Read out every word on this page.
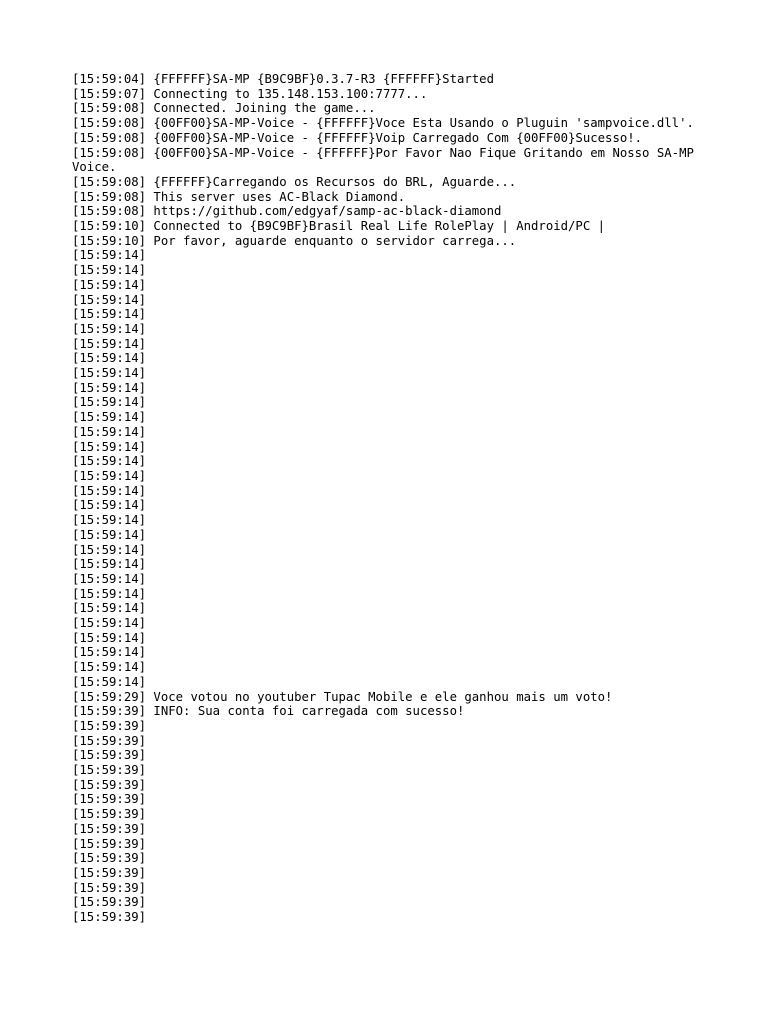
[15:59:04] {FFFFFF}SA-MP {B9C9BF}0.3.7-R3 {FFFFFF}Started

[15:59:07] Connecting to 135.148.153.100:7777...

[15:59:08] Connected. Joining the game...

[15:59:08] {00FF00}SA-MP-Voice - {FFFFFF}Voce Esta Usando o Pluguin 'sampvoice.dll'.

[15:59:08] {00FF00}SA-MP-Voice - {FFFFFF}Voip Carregado Com {00FF00}Sucesso!.

[15:59:08] {00FF00}SA-MP-Voice - {FFFFFF}Por Favor Nao Fique Gritando em Nosso SA-MP Voice.

[15:59:08] {FFFFFF}Carregando os Recursos do BRL, Aguarde...

[15:59:08] This server uses AC-Black Diamond.

[15:59:08] https://github.com/edgyaf/samp-ac-black-diamond

[15:59:10] Connected to {B9C9BF}Brasil Real Life RolePlay | Android/PC |

[15:59:10] Por favor, aguarde enquanto o servidor carrega...

[15:59:14]

[15:59:14]

[15:59:14]

[15:59:14]

[15:59:14]

[15:59:14]

[15:59:14]

[15:59:14]

[15:59:14]

[15:59:14]

[15:59:14]

[15:59:14]

[15:59:14]

[15:59:14]

[15:59:14]

[15:59:14]

[15:59:14]

[15:59:14]

[15:59:14]

[15:59:14]

[15:59:14]

[15:59:14]

[15:59:14]

[15:59:14]

[15:59:14]

[15:59:14]

[15:59:14]

[15:59:14]

[15:59:14]

[15:59:14]

[15:59:29] Voce votou no youtuber Tupac Mobile e ele ganhou mais um voto!

[15:59:39] INFO: Sua conta foi carregada com sucesso!

[15:59:39]

[15:59:39]

[15:59:39]

[15:59:39]

[15:59:39]

[15:59:39]

[15:59:39]

[15:59:39]

[15:59:39]

[15:59:39]

[15:59:39]

[15:59:39]

[15:59:39]

[15:59:39]
